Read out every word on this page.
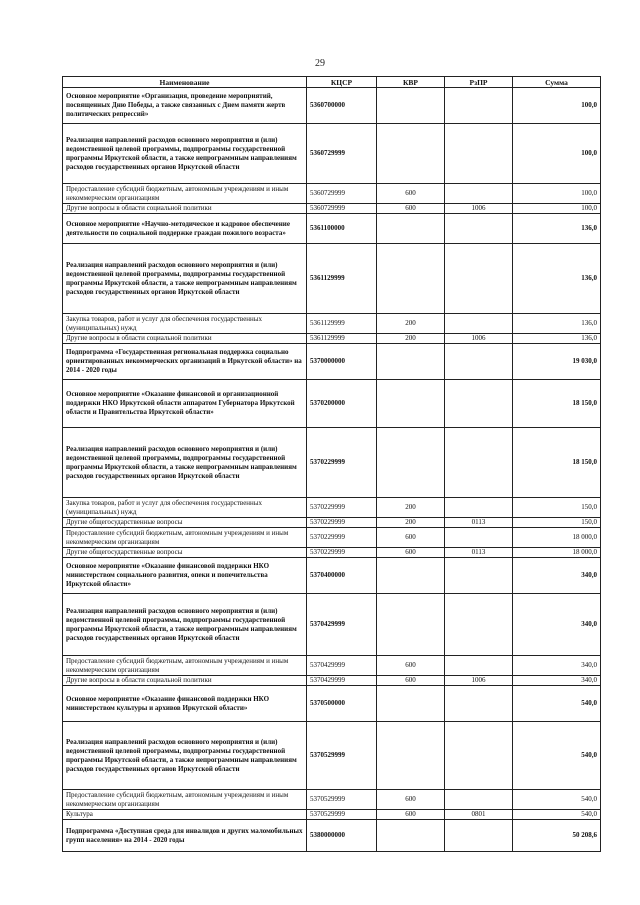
29
Наименование	КЦСР	КВР	РзПР	Сумма
Основное мероприятие «Организация, проведение мероприятий, посвященных Дню Победы, а также связанных с Днем памяти жертв политических репрессий»	5360700000			100,0
Реализация направлений расходов основного мероприятия и (или) ведомственной целевой программы, подпрограммы государственной программы Иркутской области, а также непрограммным направлениям расходов государственных органов Иркутской области	5360729999			100,0
Предоставление субсидий бюджетным, автономным учреждениям и иным некоммерческим организациям	5360729999	600		100,0
Другие вопросы в области социальной политики	5360729999	600	1006	100,0
Основное мероприятие «Научно-методическое и кадровое обеспечение деятельности по социальной поддержке граждан пожилого возраста»	5361100000			136,0
Реализация направлений расходов основного мероприятия и (или) ведомственной целевой программы, подпрограммы государственной программы Иркутской области, а также непрограммным направлениям расходов государственных органов Иркутской области	5361129999			136,0
Закупка товаров, работ и услуг для обеспечения государственных (муниципальных) нужд	5361129999	200		136,0
Другие вопросы в области социальной политики	5361129999	200	1006	136,0
Подпрограмма «Государственная региональная поддержка социально ориентированных некоммерческих организаций в Иркутской области» на 2014 - 2020 годы	5370000000			19 030,0
Основное мероприятие «Оказание финансовой и организационной поддержки НКО Иркутской области аппаратом Губернатора Иркутской области и Правительства Иркутской области»	5370200000			18 150,0
Реализация направлений расходов основного мероприятия и (или) ведомственной целевой программы, подпрограммы государственной программы Иркутской области, а также непрограммным направлениям расходов государственных органов Иркутской области	5370229999			18 150,0
Закупка товаров, работ и услуг для обеспечения государственных (муниципальных) нужд	5370229999	200		150,0
Другие общегосударственные вопросы	5370229999	200	0113	150,0
Предоставление субсидий бюджетным, автономным учреждениям и иным некоммерческим организациям	5370229999	600		18 000,0
Другие общегосударственные вопросы	5370229999	600	0113	18 000,0
Основное мероприятие «Оказание финансовой поддержки НКО министерством социального развития, опеки и попечительства Иркутской области»	5370400000			340,0
Реализация направлений расходов основного мероприятия и (или) ведомственной целевой программы, подпрограммы государственной программы Иркутской области, а также непрограммным направлениям расходов государственных органов Иркутской области	5370429999			340,0
Предоставление субсидий бюджетным, автономным учреждениям и иным некоммерческим организациям	5370429999	600		340,0
Другие вопросы в области социальной политики	5370429999	600	1006	340,0
Основное мероприятие «Оказание финансовой поддержки НКО министерством культуры и архивов Иркутской области»	5370500000			540,0
Реализация направлений расходов основного мероприятия и (или) ведомственной целевой программы, подпрограммы государственной программы Иркутской области, а также непрограммным направлениям расходов государственных органов Иркутской области	5370529999			540,0
Предоставление субсидий бюджетным, автономным учреждениям и иным некоммерческим организациям	5370529999	600		540,0
Культура	5370529999	600	0801	540,0
Подпрограмма «Доступная среда для инвалидов и других маломобильных групп населения» на 2014 - 2020 годы	5380000000			50 208,6
